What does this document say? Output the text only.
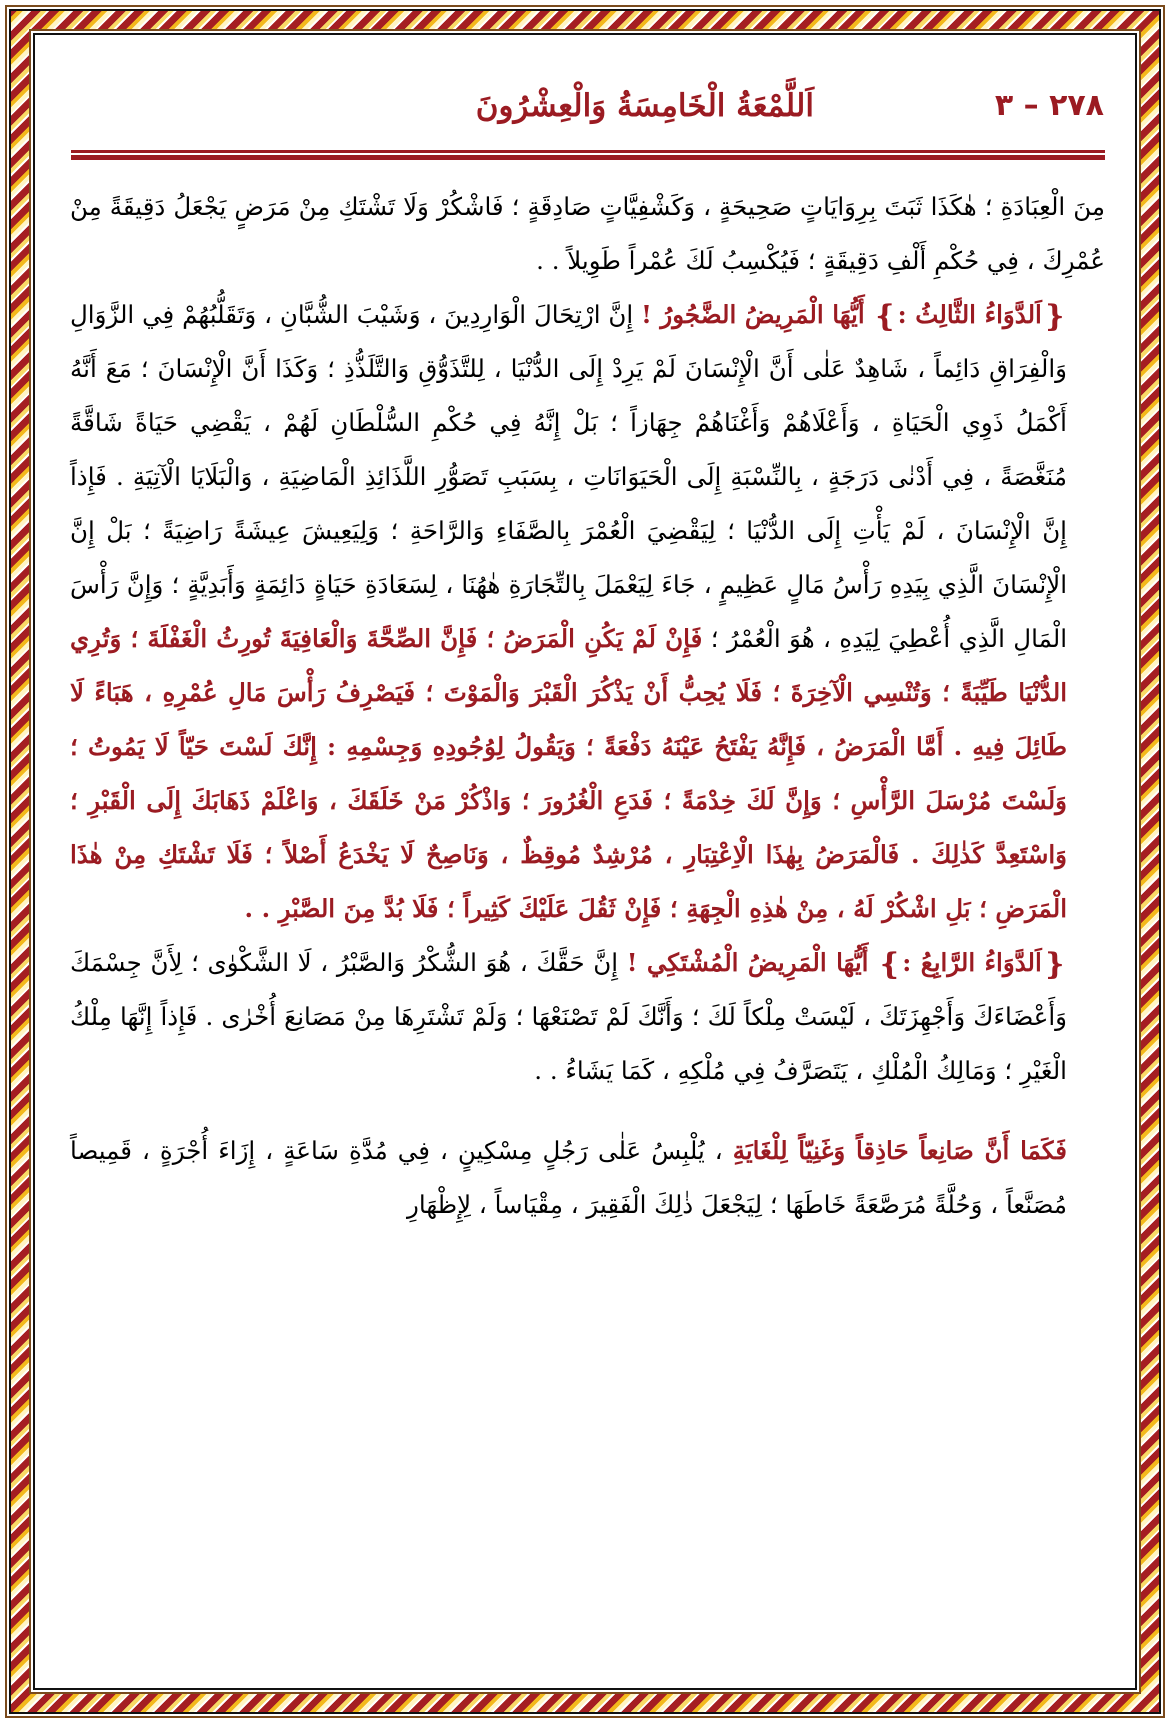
٢٧٨ – ٣
اَللَّمْعَةُ الْخَامِسَةُ وَالْعِشْرُونَ

مِنَ الْعِبَادَةِ ؛ هٰكَذَا ثَبَتَ بِرِوَايَاتٍ صَحِيحَةٍ ، وَكَشْفِيَّاتٍ صَادِقَةٍ ؛ فَاشْكُرْ وَلَا تَشْتَكِ مِنْ مَرَضٍ يَجْعَلُ دَقِيقَةً مِنْ عُمْرِكَ ، فِي حُكْمِ أَلْفِ دَقِيقَةٍ ؛ فَيُكْسِبُ لَكَ عُمْراً طَوِيلاً . .

❴اَلدَّوَاءُ الثَّالِثُ :❵ أَيُّهَا الْمَرِيضُ الضَّجُورُ ! إِنَّ ارْتِحَالَ الْوَارِدِينَ ، وَشَيْبَ الشُّبَّانِ ، وَتَقَلُّبُهُمْ فِي الزَّوَالِ وَالْفِرَاقِ دَائِماً ، شَاهِدٌ عَلٰى أَنَّ الْإِنْسَانَ لَمْ يَرِدْ إِلَى الدُّنْيَا ، لِلتَّذَوُّقِ وَالتَّلَذُّذِ ؛ وَكَذَا أَنَّ الْإِنْسَانَ ؛ مَعَ أَنَّهُ أَكْمَلُ ذَوِي الْحَيَاةِ ، وَأَعْلَاهُمْ وَأَغْنَاهُمْ جِهَازاً ؛ بَلْ إِنَّهُ فِي حُكْمِ السُّلْطَانِ لَهُمْ ، يَقْضِي حَيَاةً شَاقَّةً مُنَغَّصَةً ، فِي أَدْنٰى دَرَجَةٍ ، بِالنِّسْبَةِ إِلَى الْحَيَوَانَاتِ ، بِسَبَبِ تَصَوُّرِ اللَّذَائِذِ الْمَاضِيَةِ ، وَالْبَلَايَا الْآتِيَةِ . فَإِذاً إِنَّ الْإِنْسَانَ ، لَمْ يَأْتِ إِلَى الدُّنْيَا ؛ لِيَقْضِيَ الْعُمْرَ بِالصَّفَاءِ وَالرَّاحَةِ ؛ وَلِيَعِيشَ عِيشَةً رَاضِيَةً ؛ بَلْ إِنَّ الْإِنْسَانَ الَّذِي بِيَدِهِ رَأْسُ مَالٍ عَظِيمٍ ، جَاءَ لِيَعْمَلَ بِالتِّجَارَةِ هٰهُنَا ، لِسَعَادَةِ حَيَاةٍ دَائِمَةٍ وَأَبَدِيَّةٍ ؛ وَإِنَّ رَأْسَ الْمَالِ الَّذِي أُعْطِيَ لِيَدِهِ ، هُوَ الْعُمْرُ ؛ فَإِنْ لَمْ يَكُنِ الْمَرَضُ ؛ فَإِنَّ الصِّحَّةَ وَالْعَافِيَةَ تُورِثُ الْغَفْلَةَ ؛ وَتُرِي الدُّنْيَا طَيِّبَةً ؛ وَتُنْسِي الْآخِرَةَ ؛ فَلَا يُحِبُّ أَنْ يَذْكُرَ الْقَبْرَ وَالْمَوْتَ ؛ فَيَصْرِفُ رَأْسَ مَالِ عُمْرِهِ ، هَبَاءً لَا طَائِلَ فِيهِ . أَمَّا الْمَرَضُ ، فَإِنَّهُ يَفْتَحُ عَيْنَهُ دَفْعَةً ؛ وَيَقُولُ لِوُجُودِهِ وَجِسْمِهِ : إِنَّكَ لَسْتَ حَيّاً لَا يَمُوتُ ؛ وَلَسْتَ مُرْسَلَ الرَّأْسِ ؛ وَإِنَّ لَكَ خِدْمَةً ؛ فَدَعِ الْغُرُورَ ؛ وَاذْكُرْ مَنْ خَلَقَكَ ، وَاعْلَمْ ذَهَابَكَ إِلَى الْقَبْرِ ؛ وَاسْتَعِدَّ كَذٰلِكَ . فَالْمَرَضُ بِهٰذَا الْاِعْتِبَارِ ، مُرْشِدٌ مُوقِظٌ ، وَنَاصِحٌ لَا يَخْدَعُ أَصْلاً ؛ فَلَا تَشْتَكِ مِنْ هٰذَا الْمَرَضِ ؛ بَلِ اشْكُرْ لَهُ ، مِنْ هٰذِهِ الْجِهَةِ ؛ فَإِنْ ثَقُلَ عَلَيْكَ كَثِيراً ؛ فَلَا بُدَّ مِنَ الصَّبْرِ . .

❴اَلدَّوَاءُ الرَّابِعُ :❵ أَيُّهَا الْمَرِيضُ الْمُشْتَكِي ! إِنَّ حَقَّكَ ، هُوَ الشُّكْرُ وَالصَّبْرُ ، لَا الشَّكْوٰى ؛ لِأَنَّ جِسْمَكَ وَأَعْضَاءَكَ وَأَجْهِزَتَكَ ، لَيْسَتْ مِلْكاً لَكَ ؛ وَأَنَّكَ لَمْ تَصْنَعْهَا ؛ وَلَمْ تَشْتَرِهَا مِنْ مَصَانِعَ أُخْرٰى . فَإِذاً إِنَّهَا مِلْكُ الْغَيْرِ ؛ وَمَالِكُ الْمُلْكِ ، يَتَصَرَّفُ فِي مُلْكِهِ ، كَمَا يَشَاءُ . .

فَكَمَا أَنَّ صَانِعاً حَاذِقاً وَغَنِيّاً لِلْغَايَةِ ، يُلْبِسُ عَلٰى رَجُلٍ مِسْكِينٍ ، فِي مُدَّةِ سَاعَةٍ ، إِزَاءَ أُجْرَةٍ ، قَمِيصاً مُصَنَّعاً ، وَحُلَّةً مُرَصَّعَةً خَاطَهَا ؛ لِيَجْعَلَ ذٰلِكَ الْفَقِيرَ ، مِقْيَاساً ، لِإِظْهَارِ
